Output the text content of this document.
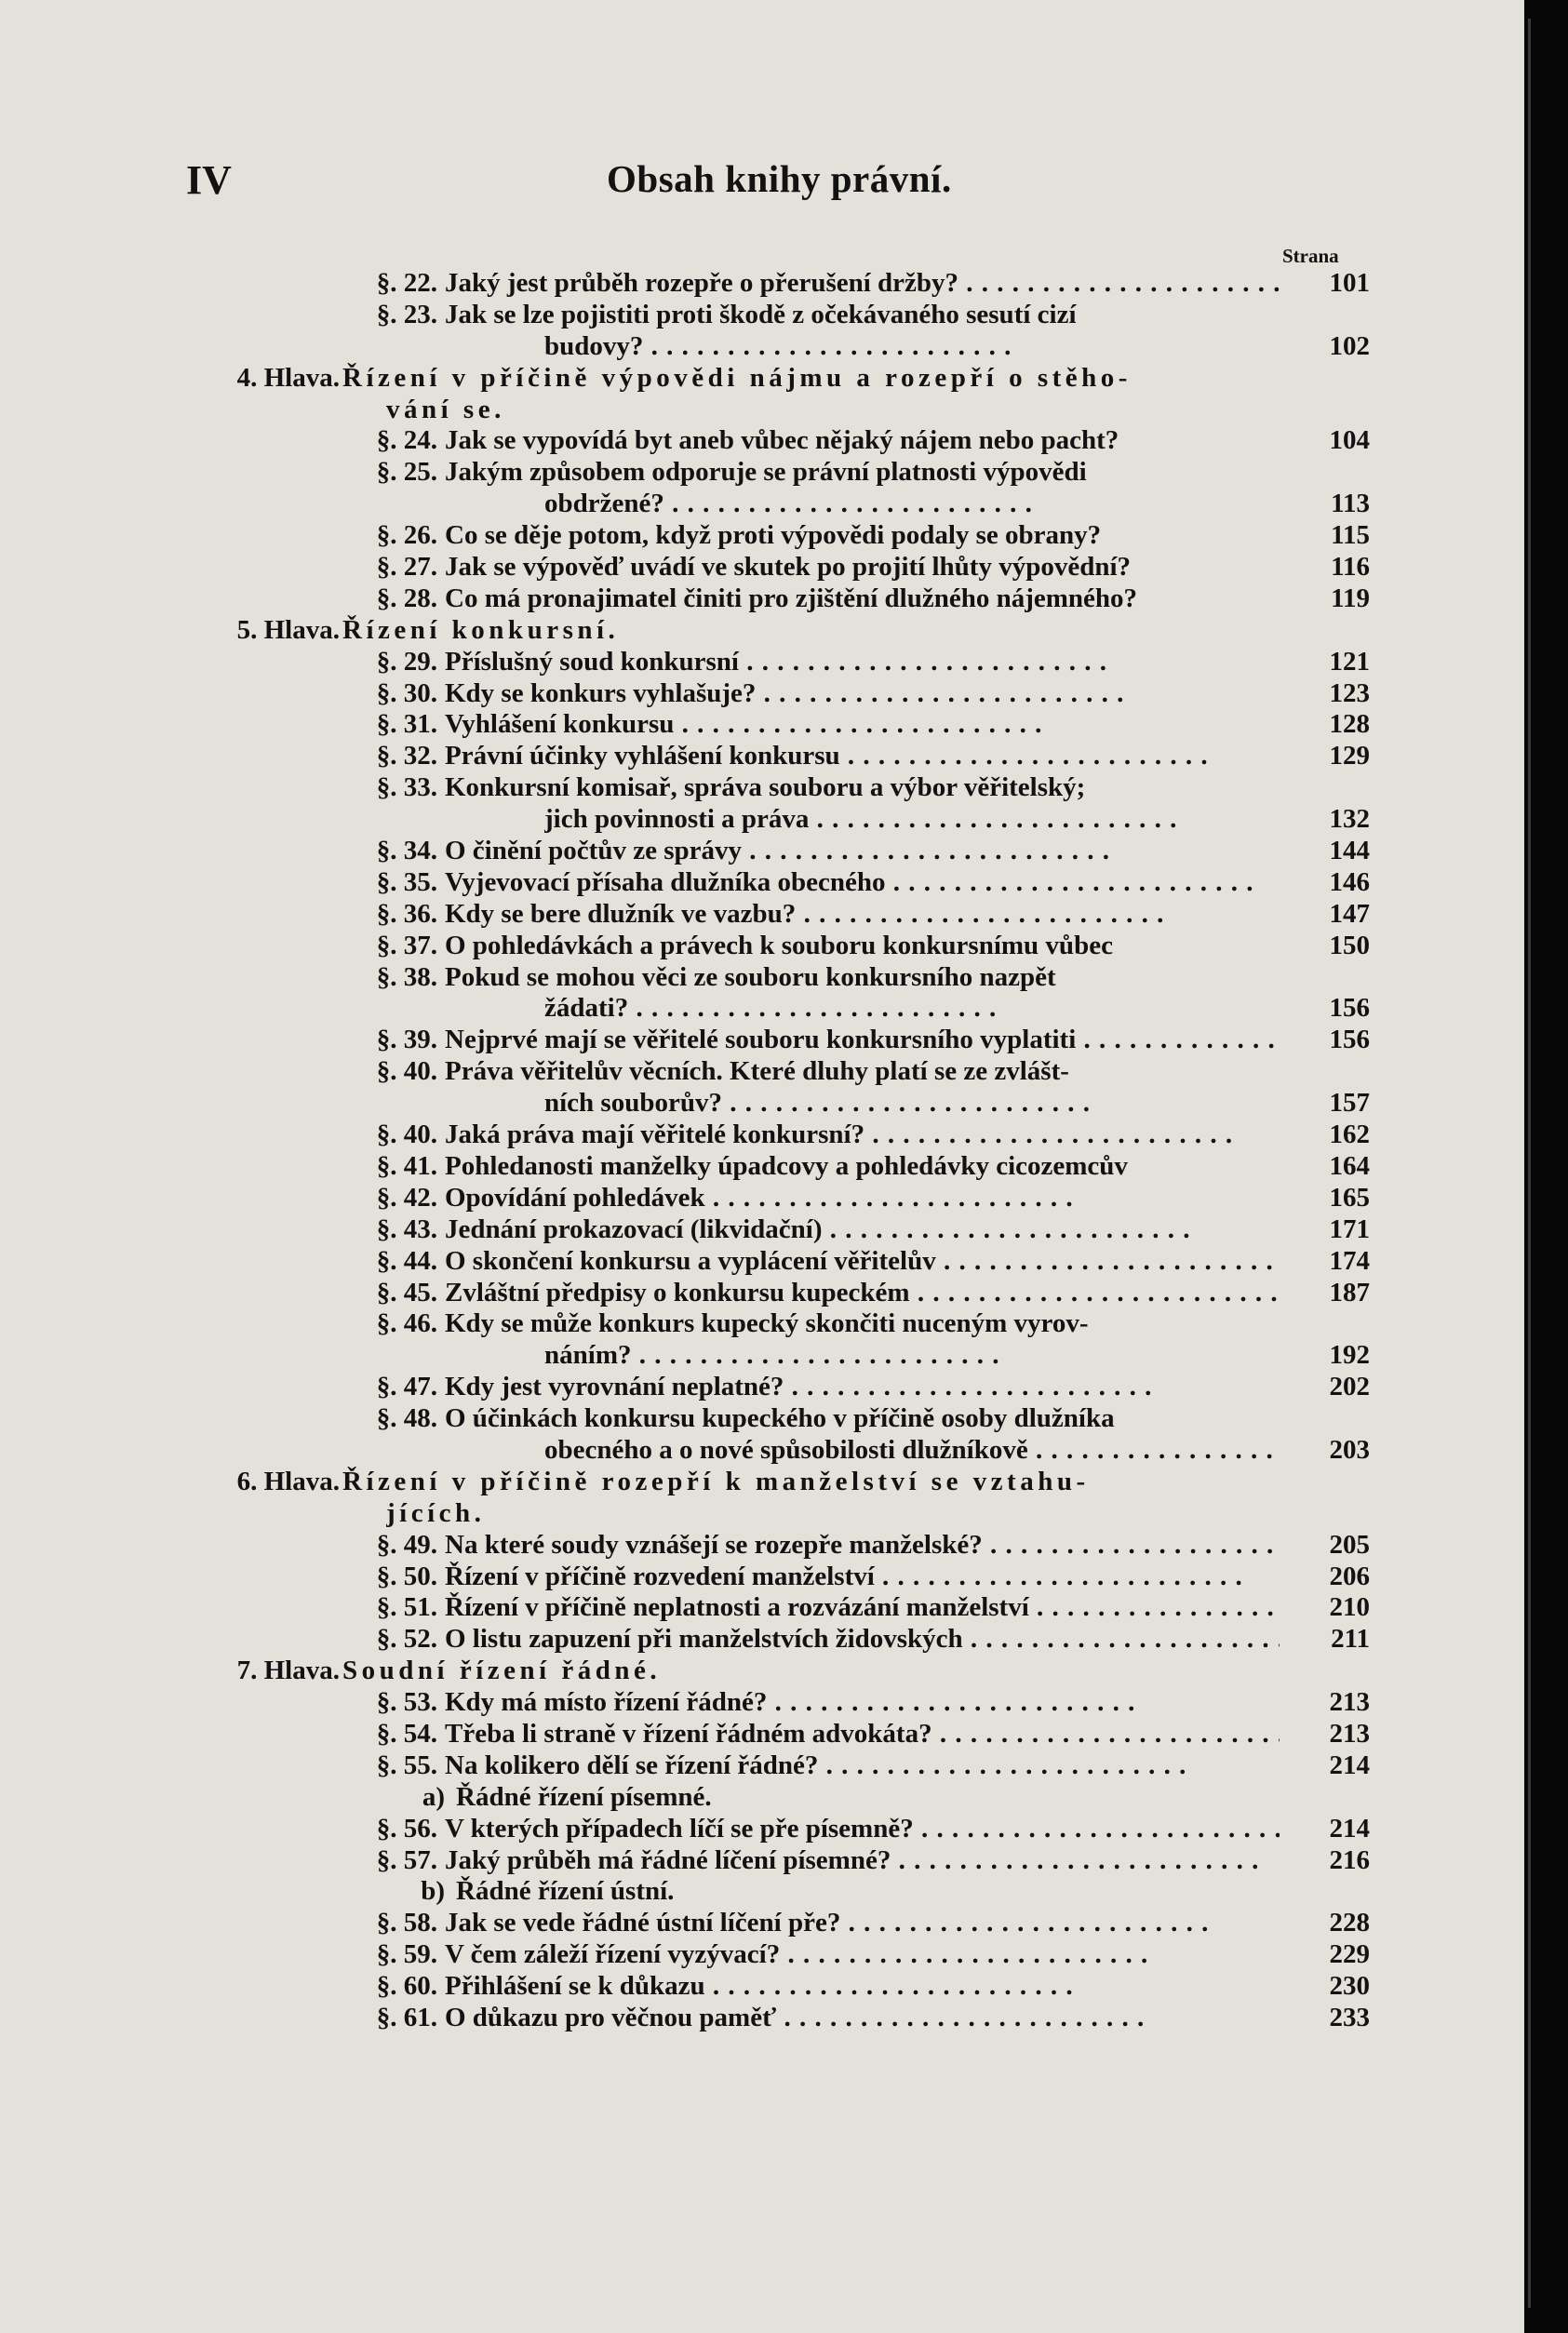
IV	Obsah knihy právní.
Strana
§. 22. Jaký jest průběh rozepře o přerušení držby? . .	101
§. 23. Jak se lze pojistiti proti škodě z očekávaného sesutí cizí
budovy? . .	102
4. Hlava. Řízení v příčině výpovědi nájmu a rozepří o stěho-
vání se.
§. 24. Jak se vypovídá byt aneb vůbec nějaký nájem nebo pacht?	104
§. 25. Jakým způsobem odporuje se právní platnosti výpovědi
obdržené? . .	113
§. 26. Co se děje potom, když proti výpovědi podaly se obrany?	115
§. 27. Jak se výpověď uvádí ve skutek po projití lhůty výpovědní?	116
§. 28. Co má pronajimatel činiti pro zjištění dlužného nájemného?	119
5. Hlava. Řízení konkursní.
§. 29. Příslušný soud konkursní . .	121
§. 30. Kdy se konkurs vyhlašuje? . .	123
§. 31. Vyhlášení konkursu . .	128
§. 32. Právní účinky vyhlášení konkursu . .	129
§. 33. Konkursní komisař, správa souboru a výbor věřitelský;
jich povinnosti a práva . .	132
§. 34. O činění počtův ze správy . .	144
§. 35. Vyjevovací přísaha dlužníka obecného . .	146
§. 36. Kdy se bere dlužník ve vazbu? . .	147
§. 37. O pohledávkách a právech k souboru konkursnímu vůbec	150
§. 38. Pokud se mohou věci ze souboru konkursního nazpět
žádati? . .	156
§. 39. Nejprvé mají se věřitelé souboru konkursního vyplatiti . .	156
§. 40. Práva věřitelův věcních. Které dluhy platí se ze zvlášt-
ních souborův? . .	157
§. 40. Jaká práva mají věřitelé konkursní? . .	162
§. 41. Pohledanosti manželky úpadcovy a pohledávky cicozemcův	164
§. 42. Opovídání pohledávek . .	165
§. 43. Jednání prokazovací (likvidační) . .	171
§. 44. O skončení konkursu a vyplácení věřitelův . .	174
§. 45. Zvláštní předpisy o konkursu kupeckém . .	187
§. 46. Kdy se může konkurs kupecký skončiti nuceným vyrov-
náním? . .	192
§. 47. Kdy jest vyrovnání neplatné? . .	202
§. 48. O účinkách konkursu kupeckého v příčině osoby dlužníka
obecného a o nové spůsobilosti dlužníkově . .	203
6. Hlava. Řízení v příčině rozepří k manželství se vztahu-
jících.
§. 49. Na které soudy vznášejí se rozepře manželské? . .	205
§. 50. Řízení v příčině rozvedení manželství . .	206
§. 51. Řízení v příčině neplatnosti a rozvázání manželství . .	210
§. 52. O listu zapuzení při manželstvích židovských . .	211
7. Hlava. Soudní řízení řádné.
§. 53. Kdy má místo řízení řádné? . .	213
§. 54. Třeba li straně v řízení řádném advokáta? . .	213
§. 55. Na kolikero dělí se řízení řádné? . .	214
a) Řádné řízení písemné.
§. 56. V kterých případech líčí se pře písemně? . .	214
§. 57. Jaký průběh má řádné líčení písemné? . .	216
b) Řádné řízení ústní.
§. 58. Jak se vede řádné ústní líčení pře? . .	228
§. 59. V čem záleží řízení vyzývací? . .	229
§. 60. Přihlášení se k důkazu . .	230
§. 61. O důkazu pro věčnou paměť . .	233
